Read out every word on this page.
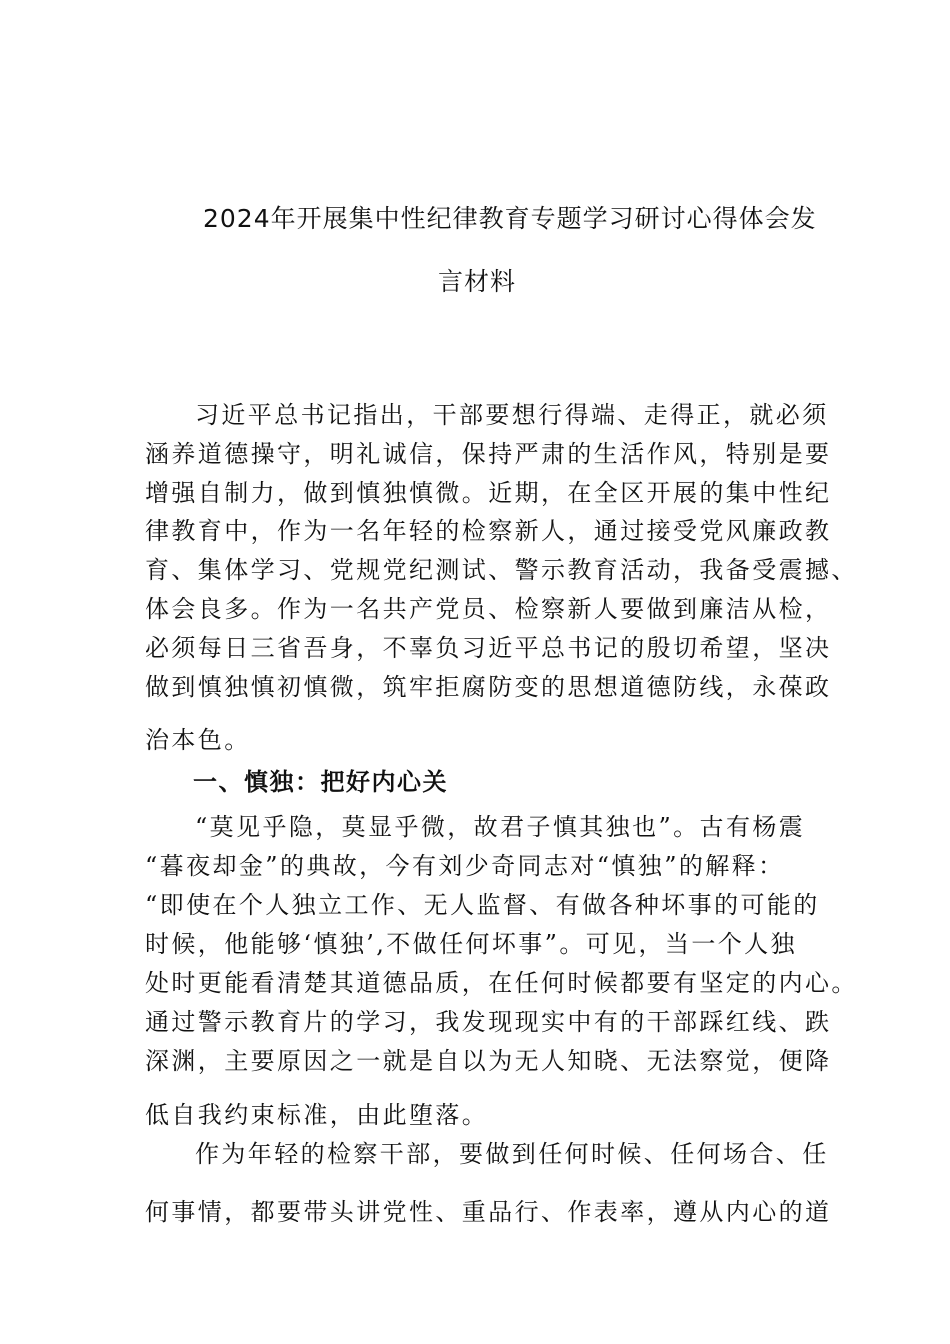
2024年开展集中性纪律教育专题学习研讨心得体会发
言材料
习近平总书记指出，干部要想行得端、走得正，就必须
涵养道德操守，明礼诚信，保持严肃的生活作风，特别是要
增强自制力，做到慎独慎微。近期，在全区开展的集中性纪
律教育中，作为一名年轻的检察新人，通过接受党风廉政教
育、集体学习、党规党纪测试、警示教育活动，我备受震撼、
体会良多。作为一名共产党员、检察新人要做到廉洁从检，
必须每日三省吾身，不辜负习近平总书记的殷切希望，坚决
做到慎独慎初慎微，筑牢拒腐防变的思想道德防线，永葆政
治本色。
一、慎独：把好内心关
“莫见乎隐，莫显乎微，故君子慎其独也”。古有杨震
“暮夜却金”的典故，今有刘少奇同志对“慎独”的解释：
“即使在个人独立工作、无人监督、有做各种坏事的可能的
时候，他能够‘慎独’,不做任何坏事”。可见，当一个人独
处时更能看清楚其道德品质，在任何时候都要有坚定的内心。
通过警示教育片的学习，我发现现实中有的干部踩红线、跌
深渊，主要原因之一就是自以为无人知晓、无法察觉，便降
低自我约束标准，由此堕落。
作为年轻的检察干部，要做到任何时候、任何场合、任
何事情，都要带头讲党性、重品行、作表率，遵从内心的道
